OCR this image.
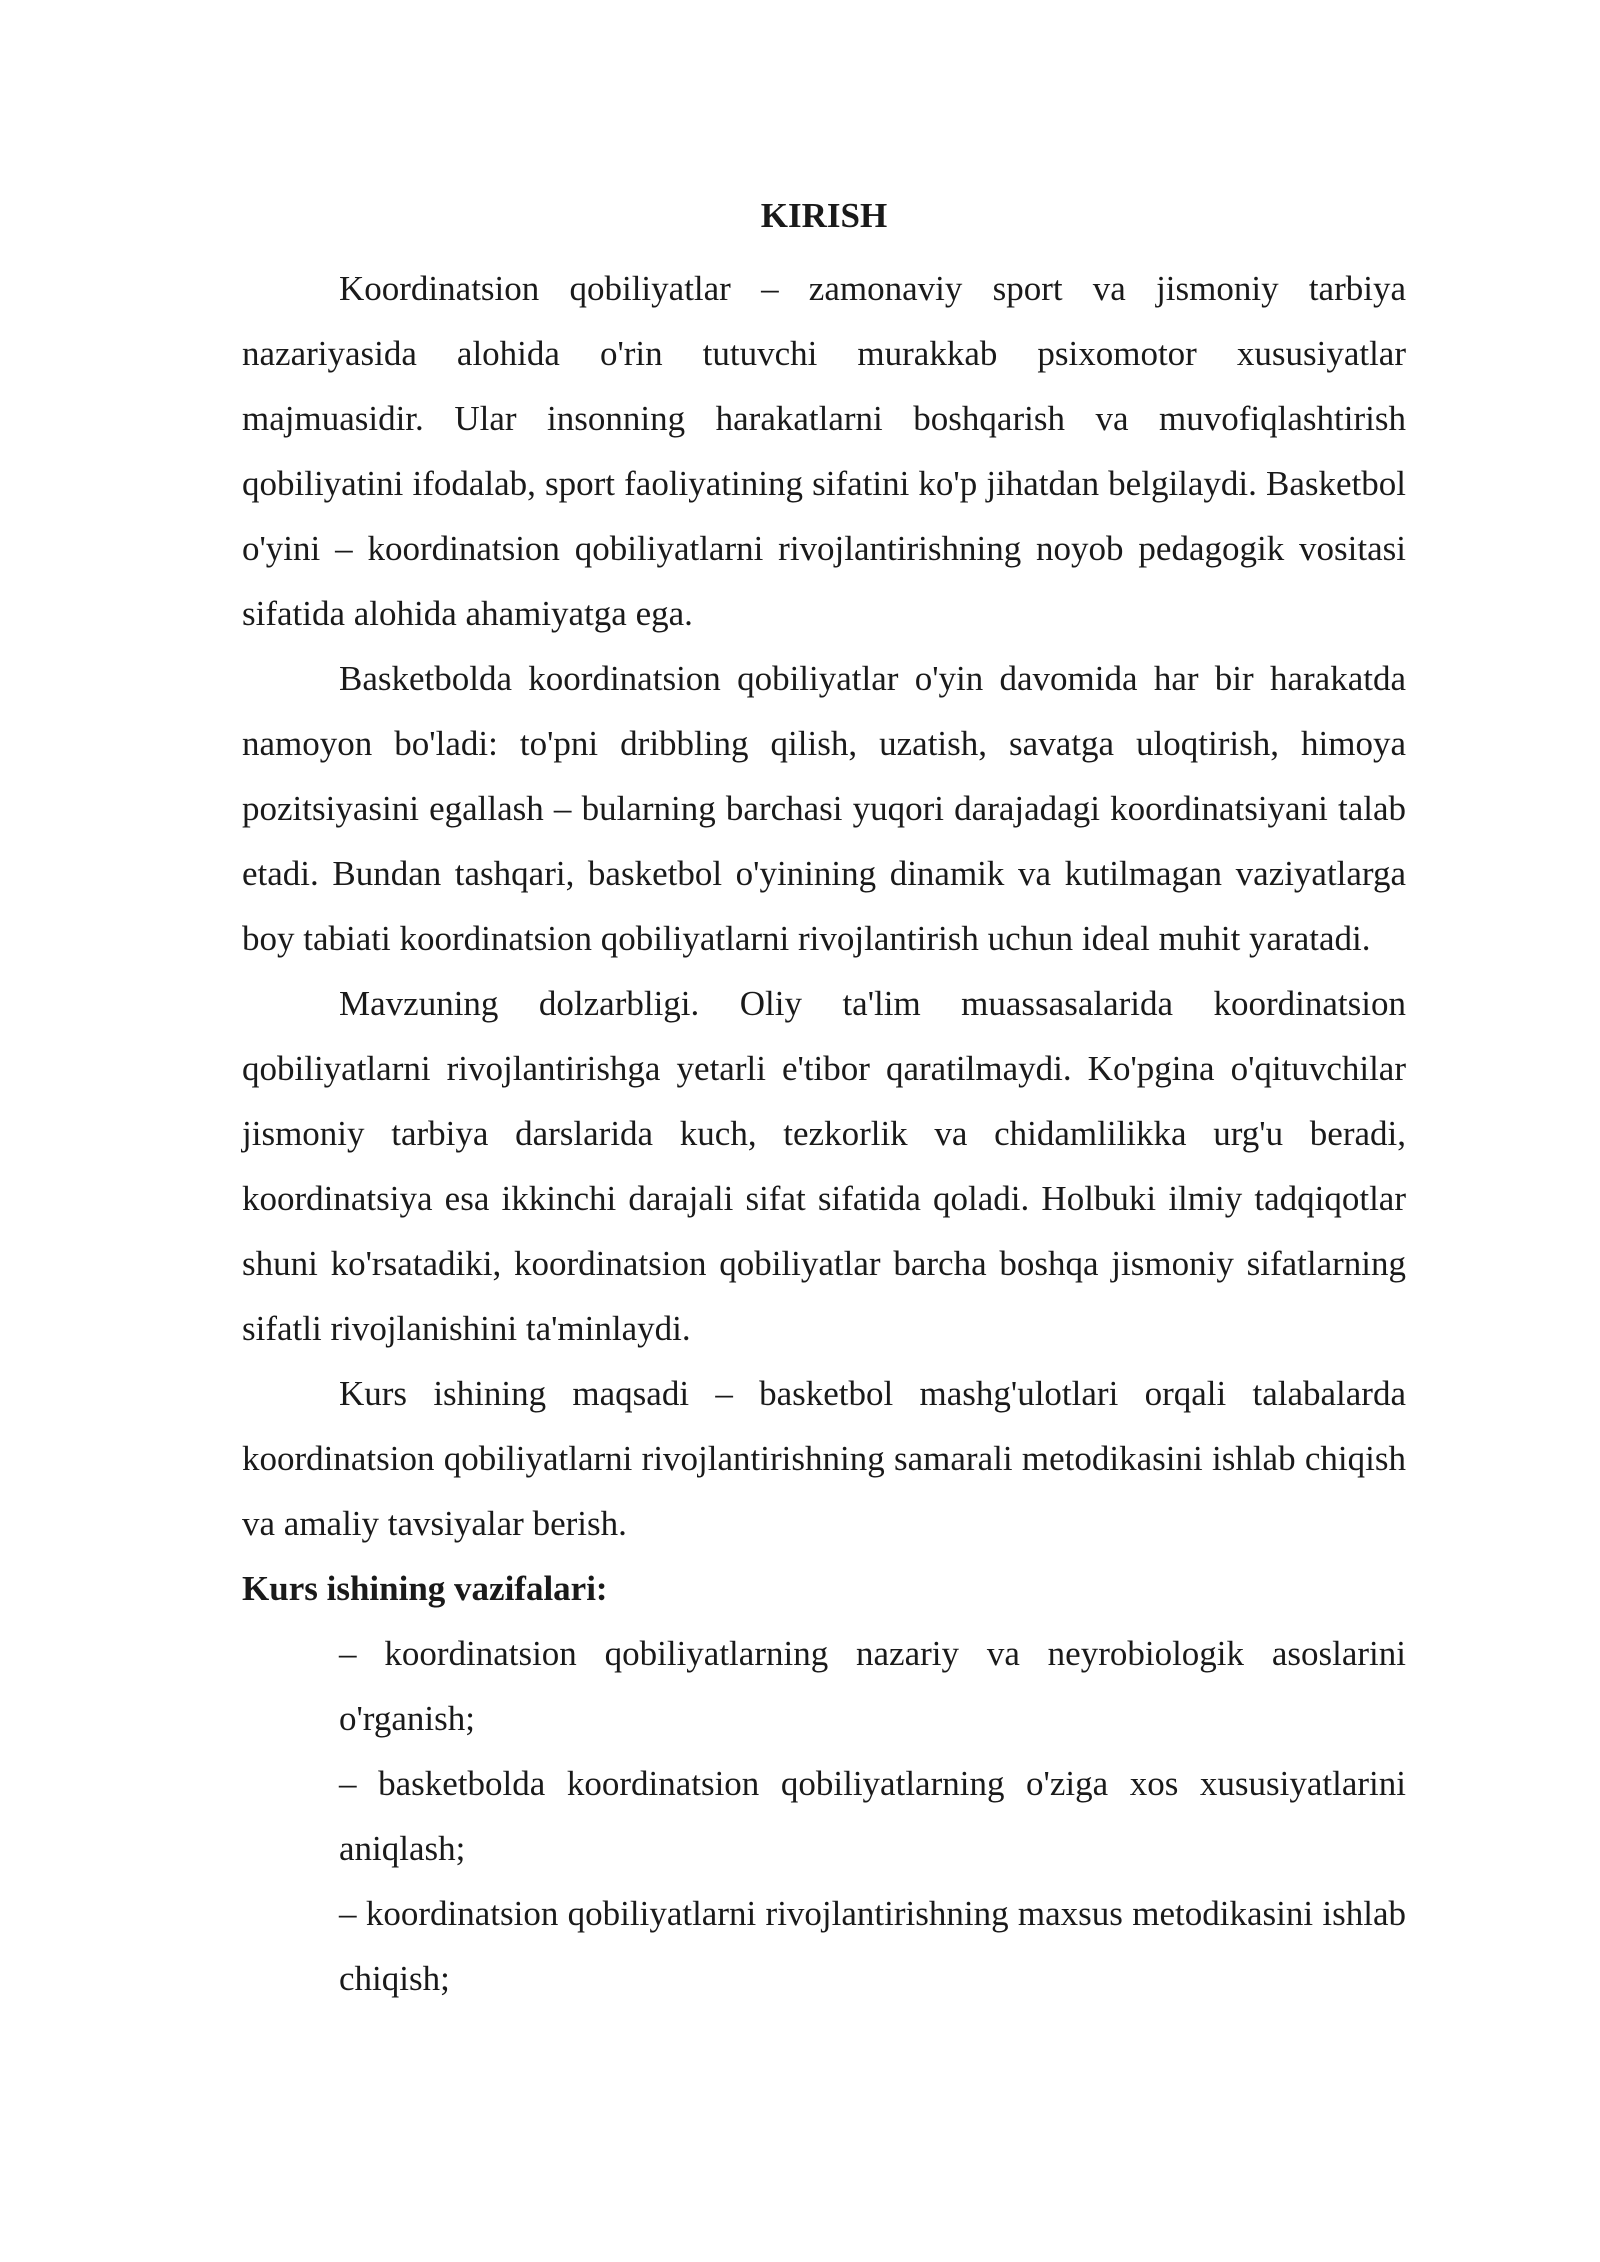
KIRISH

Koordinatsion qobiliyatlar – zamonaviy sport va jismoniy tarbiya nazariyasida alohida o'rin tutuvchi murakkab psixomotor xususiyatlar majmuasidir. Ular insonning harakatlarni boshqarish va muvofiqlashtirish qobiliyatini ifodalab, sport faoliyatining sifatini ko'p jihatdan belgilaydi. Basketbol o'yini – koordinatsion qobiliyatlarni rivojlantirishning noyob pedagogik vositasi sifatida alohida ahamiyatga ega.

Basketbolda koordinatsion qobiliyatlar o'yin davomida har bir harakatda namoyon bo'ladi: to'pni dribbling qilish, uzatish, savatga uloqtirish, himoya pozitsiyasini egallash – bularning barchasi yuqori darajadagi koordinatsiyani talab etadi. Bundan tashqari, basketbol o'yinining dinamik va kutilmagan vaziyatlarga boy tabiati koordinatsion qobiliyatlarni rivojlantirish uchun ideal muhit yaratadi.

Mavzuning dolzarbligi. Oliy ta'lim muassasalarida koordinatsion qobiliyatlarni rivojlantirishga yetarli e'tibor qaratilmaydi. Ko'pgina o'qituvchilar jismoniy tarbiya darslarida kuch, tezkorlik va chidamlilikka urg'u beradi, koordinatsiya esa ikkinchi darajali sifat sifatida qoladi. Holbuki ilmiy tadqiqotlar shuni ko'rsatadiki, koordinatsion qobiliyatlar barcha boshqa jismoniy sifatlarning sifatli rivojlanishini ta'minlaydi.

Kurs ishining maqsadi – basketbol mashg'ulotlari orqali talabalarda koordinatsion qobiliyatlarni rivojlantirishning samarali metodikasini ishlab chiqish va amaliy tavsiyalar berish.

Kurs ishining vazifalari:

– koordinatsion qobiliyatlarning nazariy va neyrobiologik asoslarini o'rganish;
– basketbolda koordinatsion qobiliyatlarning o'ziga xos xususiyatlarini aniqlash;
– koordinatsion qobiliyatlarni rivojlantirishning maxsus metodikasini ishlab chiqish;
